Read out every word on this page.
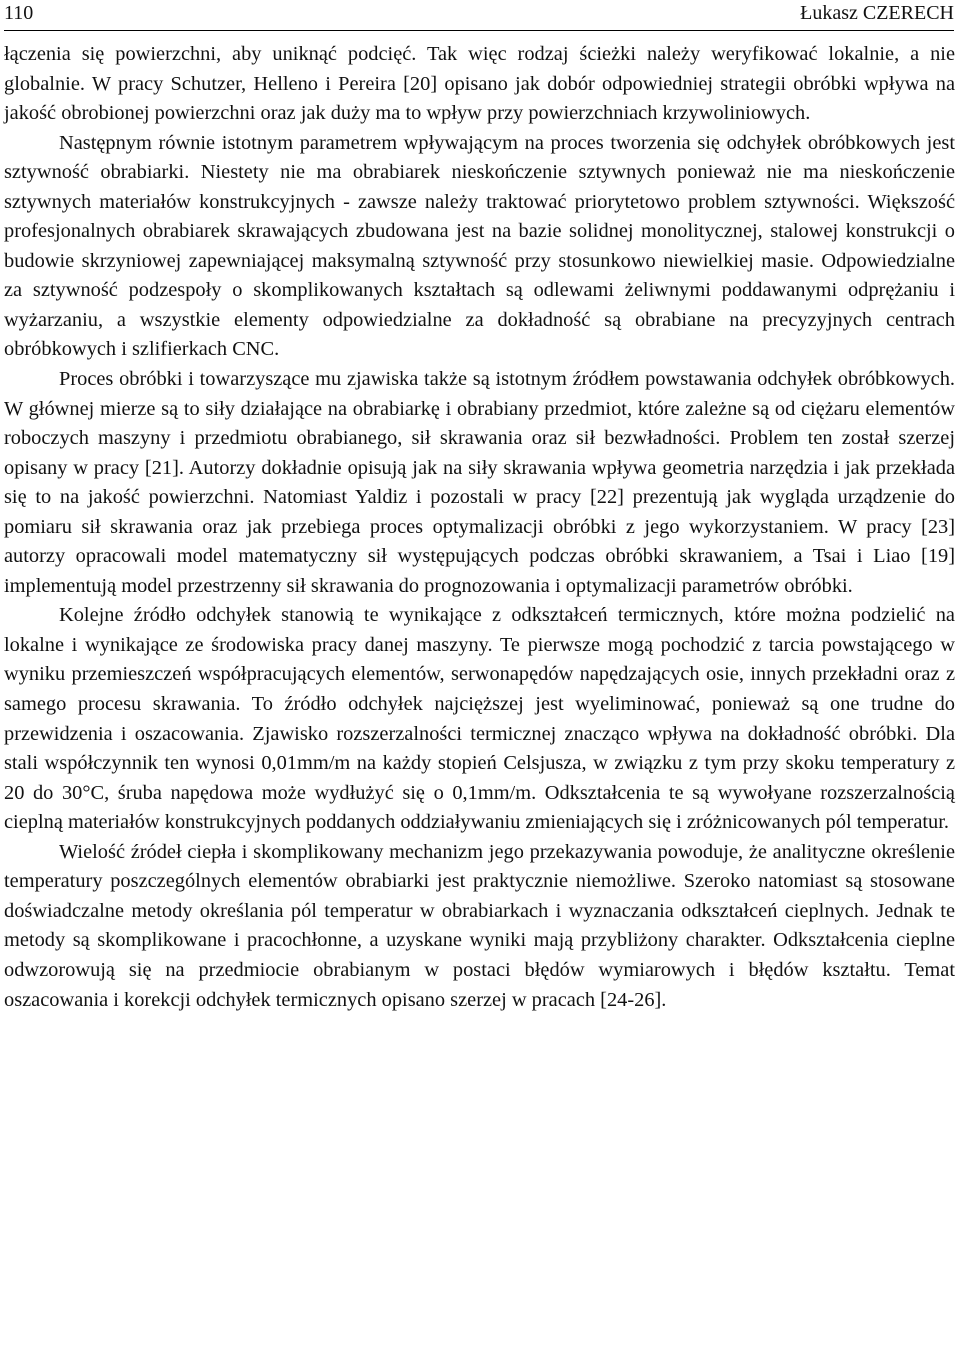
110	Łukasz CZERECH

łączenia się powierzchni, aby uniknąć podcięć. Tak więc rodzaj ścieżki należy weryfikować lokalnie, a nie globalnie. W pracy Schutzer, Helleno i Pereira [20] opisano jak dobór odpowiedniej strategii obróbki wpływa na jakość obrobionej powierzchni oraz jak duży ma to wpływ przy powierzchniach krzywoliniowych.

Następnym równie istotnym parametrem wpływającym na proces tworzenia się odchyłek obróbkowych jest sztywność obrabiarki. Niestety nie ma obrabiarek nieskończenie sztywnych ponieważ nie ma nieskończenie sztywnych materiałów konstrukcyjnych - zawsze należy traktować priorytetowo problem sztywności. Większość profesjonalnych obrabiarek skrawających zbudowana jest na bazie solidnej monolitycznej, stalowej konstrukcji o budowie skrzyniowej zapewniającej maksymalną sztywność przy stosunkowo niewielkiej masie. Odpowiedzialne za sztywność podzespoły o skomplikowanych kształtach są odlewami żeliwnymi poddawanymi odprężaniu i wyżarzaniu, a wszystkie elementy odpowiedzialne za dokładność są obrabiane na precyzyjnych centrach obróbkowych i szlifierkach CNC.

Proces obróbki i towarzyszące mu zjawiska także są istotnym źródłem powstawania odchyłek obróbkowych. W głównej mierze są to siły działające na obrabiarkę i obrabiany przedmiot, które zależne są od ciężaru elementów roboczych maszyny i przedmiotu obrabianego, sił skrawania oraz sił bezwładności. Problem ten został szerzej opisany w pracy [21]. Autorzy dokładnie opisują jak na siły skrawania wpływa geometria narzędzia i jak przekłada się to na jakość powierzchni. Natomiast Yaldiz i pozostali w pracy [22] prezentują jak wygląda urządzenie do pomiaru sił skrawania oraz jak przebiega proces optymalizacji obróbki z jego wykorzystaniem. W pracy [23] autorzy opracowali model matematyczny sił występujących podczas obróbki skrawaniem, a Tsai i Liao [19] implementują model przestrzenny sił skrawania do prognozowania i optymalizacji parametrów obróbki.

Kolejne źródło odchyłek stanowią te wynikające z odkształceń termicznych, które można podzielić na lokalne i wynikające ze środowiska pracy danej maszyny. Te pierwsze mogą pochodzić z tarcia powstającego w wyniku przemieszczeń współpracujących elementów, serwonapędów napędzających osie, innych przekładni oraz z samego procesu skrawania. To źródło odchyłek najcięższej jest wyeliminować, ponieważ są one trudne do przewidzenia i oszacowania. Zjawisko rozszerzalności termicznej znacząco wpływa na dokładność obróbki. Dla stali współczynnik ten wynosi 0,01mm/m na każdy stopień Celsjusza, w związku z tym przy skoku temperatury z 20 do 30°C, śruba napędowa może wydłużyć się o 0,1mm/m. Odkształcenia te są wywołyane rozszerzalnością cieplną materiałów konstrukcyjnych poddanych oddziaływaniu zmieniających się i zróżnicowanych pól temperatur.

Wielość źródeł ciepła i skomplikowany mechanizm jego przekazywania powoduje, że analityczne określenie temperatury poszczególnych elementów obrabiarki jest praktycznie niemożliwe. Szeroko natomiast są stosowane doświadczalne metody określania pól temperatur w obrabiarkach i wyznaczania odkształceń cieplnych. Jednak te metody są skomplikowane i pracochłonne, a uzyskane wyniki mają przybliżony charakter. Odkształcenia cieplne odwzorowują się na przedmiocie obrabianym w postaci błędów wymiarowych i błędów kształtu. Temat oszacowania i korekcji odchyłek termicznych opisano szerzej w pracach [24-26].
